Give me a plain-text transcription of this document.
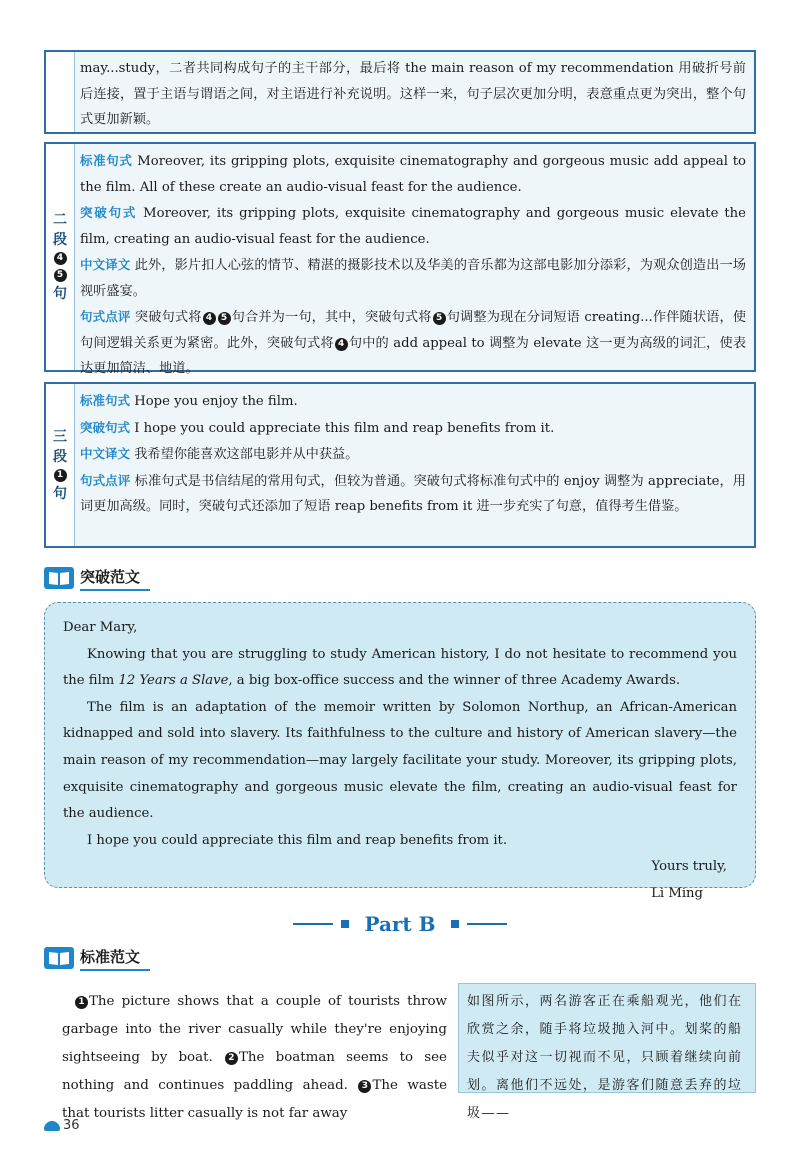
may...study，二者共同构成句子的主干部分，最后将 the main reason of my recommendation 用破折号前后连接，置于主语与谓语之间，对主语进行补充说明。这样一来，句子层次更加分明，表意重点更为突出，整个句式更加新颖。
二
段
4
5
句
标准句式 Moreover, its gripping plots, exquisite cinematography and gorgeous music add appeal to the film. All of these create an audio-visual feast for the audience.
突破句式 Moreover, its gripping plots, exquisite cinematography and gorgeous music elevate the film, creating an audio-visual feast for the audience.
中文译文 此外，影片扣人心弦的情节、精湛的摄影技术以及华美的音乐都为这部电影加分添彩，为观众创造出一场视听盛宴。
句式点评 突破句式将 4 5 句合并为一句，其中，突破句式将 5 句调整为现在分词短语 creating...作伴随状语，使句间逻辑关系更为紧密。此外，突破句式将 4 句中的 add appeal to 调整为 elevate 这一更为高级的词汇，使表达更加简洁、地道。
三
段
1
句
标准句式 Hope you enjoy the film.
突破句式 I hope you could appreciate this film and reap benefits from it.
中文译文 我希望你能喜欢这部电影并从中获益。
句式点评 标准句式是书信结尾的常用句式，但较为普通。突破句式将标准句式中的 enjoy 调整为 appreciate，用词更加高级。同时，突破句式还添加了短语 reap benefits from it 进一步充实了句意，值得考生借鉴。
突破范文

Dear Mary,

Knowing that you are struggling to study American history, I do not hesitate to recommend you the film 12 Years a Slave, a big box-office success and the winner of three Academy Awards.

The film is an adaptation of the memoir written by Solomon Northup, an African-American kidnapped and sold into slavery. Its faithfulness to the culture and history of American slavery—the main reason of my recommendation—may largely facilitate your study. Moreover, its gripping plots, exquisite cinematography and gorgeous music elevate the film, creating an audio-visual feast for the audience.

I hope you could appreciate this film and reap benefits from it.

Yours truly,

Li Ming

Part B
标准范文
1 The picture shows that a couple of tourists throw garbage into the river casually while they're enjoying sightseeing by boat. 2 The boatman seems to see nothing and continues paddling ahead. 3 The waste that tourists litter casually is not far away
如图所示，两名游客正在乘船观光，他们在欣赏之余，随手将垃圾抛入河中。划桨的船夫似乎对这一切视而不见，只顾着继续向前划。离他们不远处，是游客们随意丢弃的垃圾——
36
